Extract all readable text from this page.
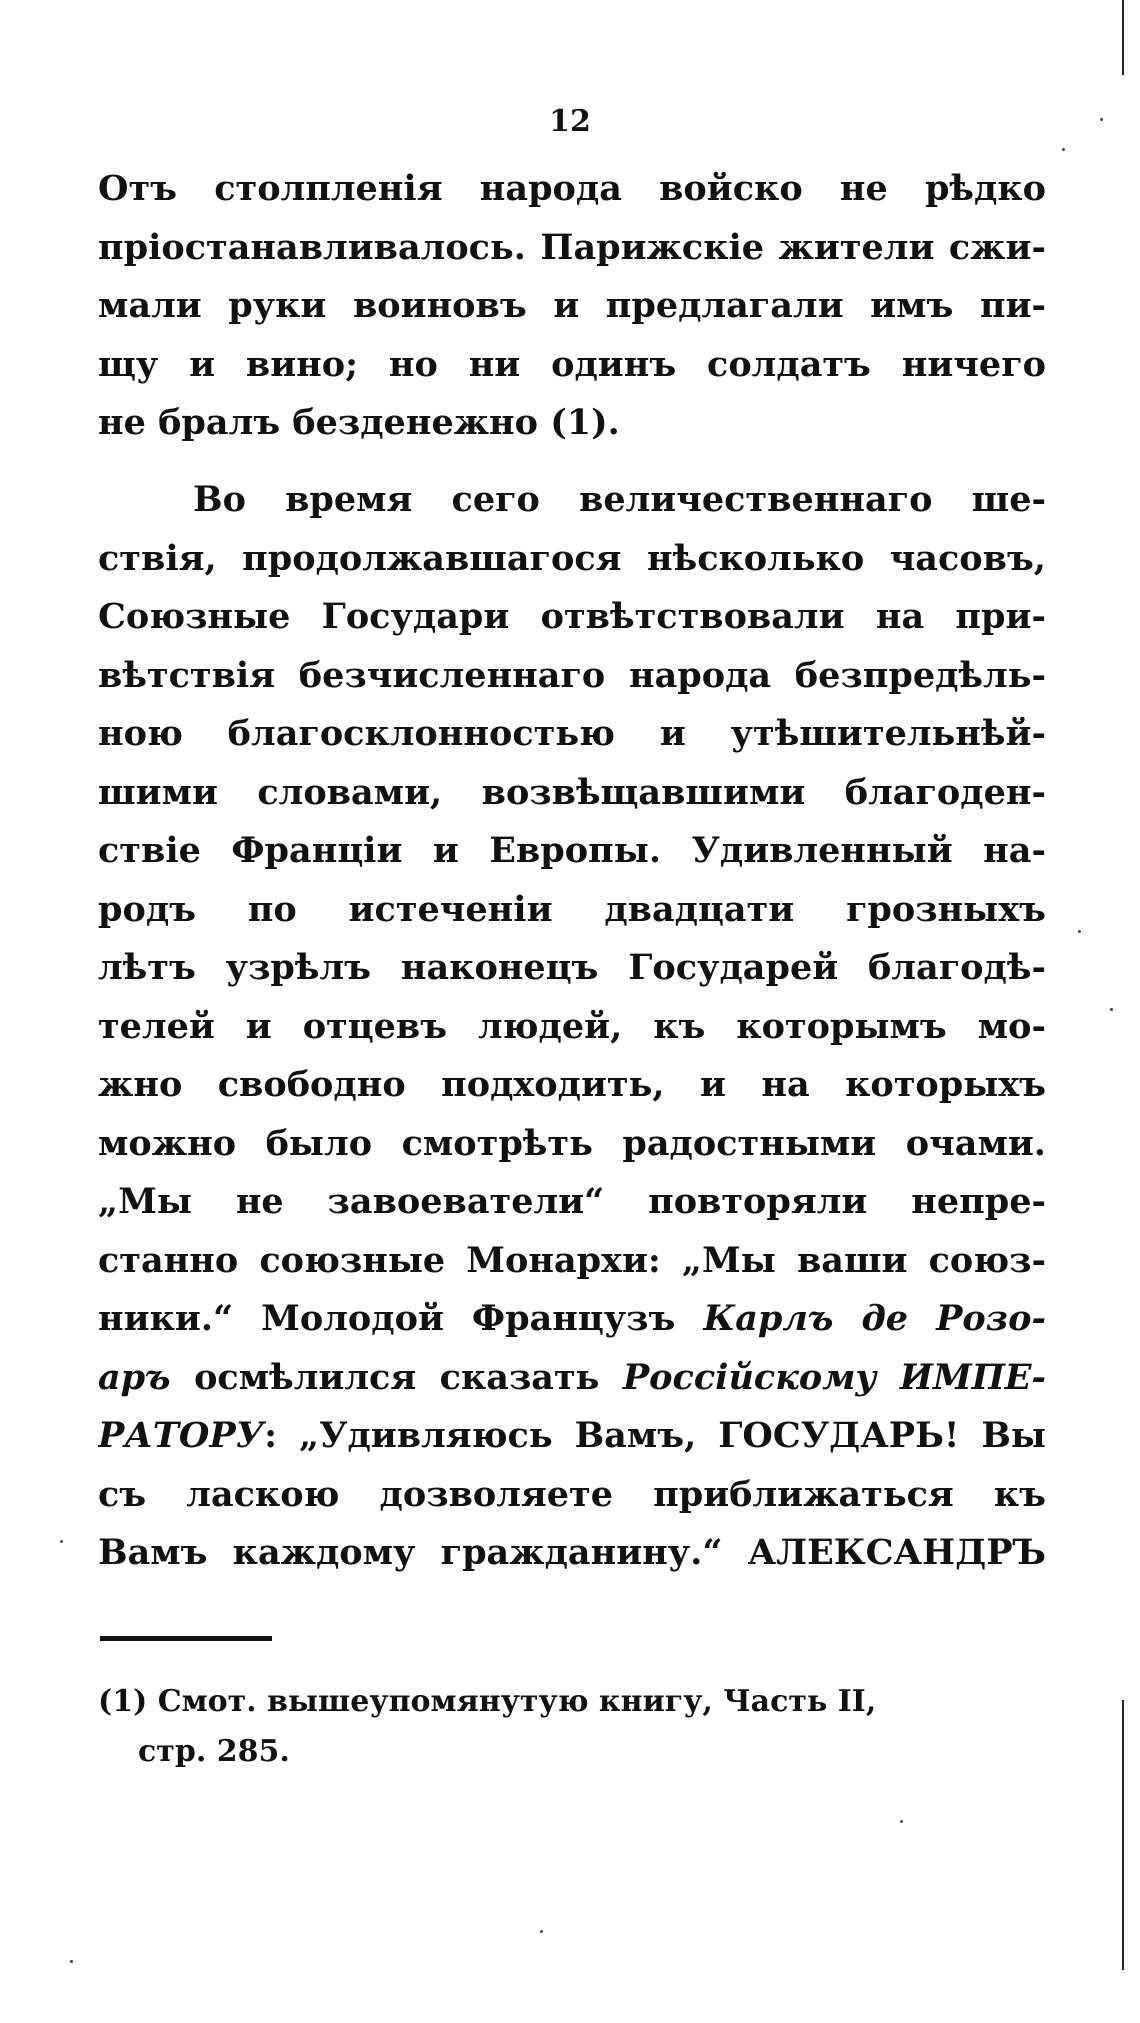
12
Отъ столпленія народа войско не рѣдко
пріостанавливалось. Парижскіе жители сжи-
мали руки воиновъ и предлагали имъ пи-
щу и вино; но ни одинъ солдатъ ничего
не бралъ безденежно (1).
Во время сего величественнаго ше-
ствія, продолжавшагося нѣсколько часовъ,
Союзные Государи отвѣтствовали на при-
вѣтствія безчисленнаго народа безпредѣль-
ною благосклонностью и утѣшительнѣй-
шими словами, возвѣщавшими благоден-
ствіе Франціи и Европы. Удивленный на-
родъ по истеченіи двадцати грозныхъ
лѣтъ узрѣлъ наконецъ Государей благодѣ-
телей и отцевъ людей, къ которымъ мо-
жно свободно подходить, и на которыхъ
можно было смотрѣть радостными очами.
„Мы не завоеватели“ повторяли непре-
станно союзные Монархи: „Мы ваши союз-
ники.“ Молодой Французъ Карлъ де Розо-
аръ осмѣлился сказать Россійскому ИМПЕ-
РАТОРУ: „Удивляюсь Вамъ, ГОСУДАРЬ! Вы
съ ласкою дозволяете приближаться къ
Вамъ каждому гражданину.“ АЛЕКСАНДРЪ
(1) Смот. вышеупомянутую книгу, Часть II,
стр. 285.
